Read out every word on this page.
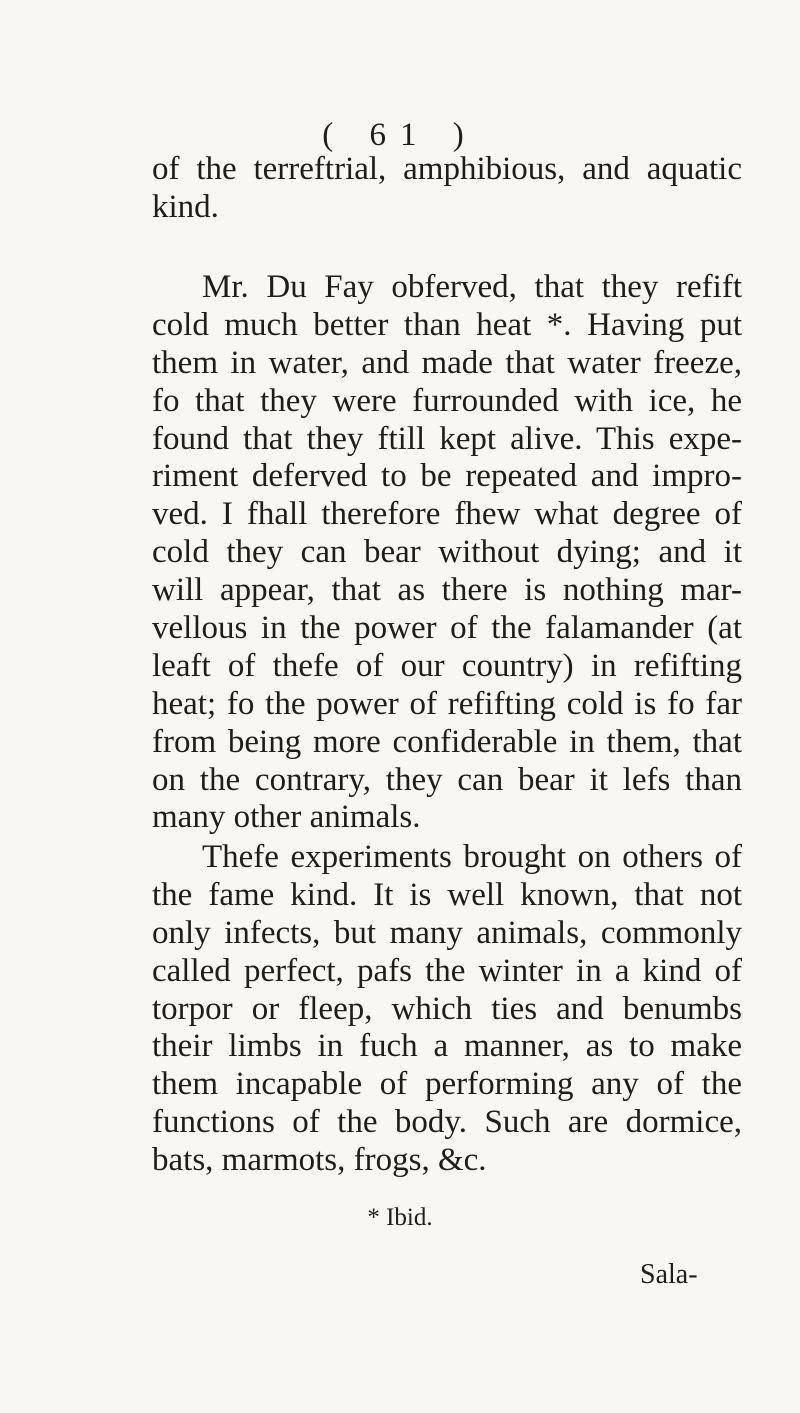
( 61 )
of the terreftrial, amphibious, and aquatic
kind.
Mr. Du Fay obferved, that they refift
cold much better than heat *. Having put
them in water, and made that water freeze,
fo that they were furrounded with ice, he
found that they ftill kept alive. This expe-
riment deferved to be repeated and impro-
ved. I fhall therefore fhew what degree of
cold they can bear without dying; and it
will appear, that as there is nothing mar-
vellous in the power of the falamander (at
leaft of thefe of our country) in refifting
heat; fo the power of refifting cold is fo far
from being more confiderable in them, that
on the contrary, they can bear it lefs than
many other animals.
Thefe experiments brought on others of
the fame kind. It is well known, that not
only infects, but many animals, commonly
called perfect, pafs the winter in a kind of
torpor or fleep, which ties and benumbs
their limbs in fuch a manner, as to make
them incapable of performing any of the
functions of the body. Such are dormice,
bats, marmots, frogs, &c.
* Ibid.
Sala-
